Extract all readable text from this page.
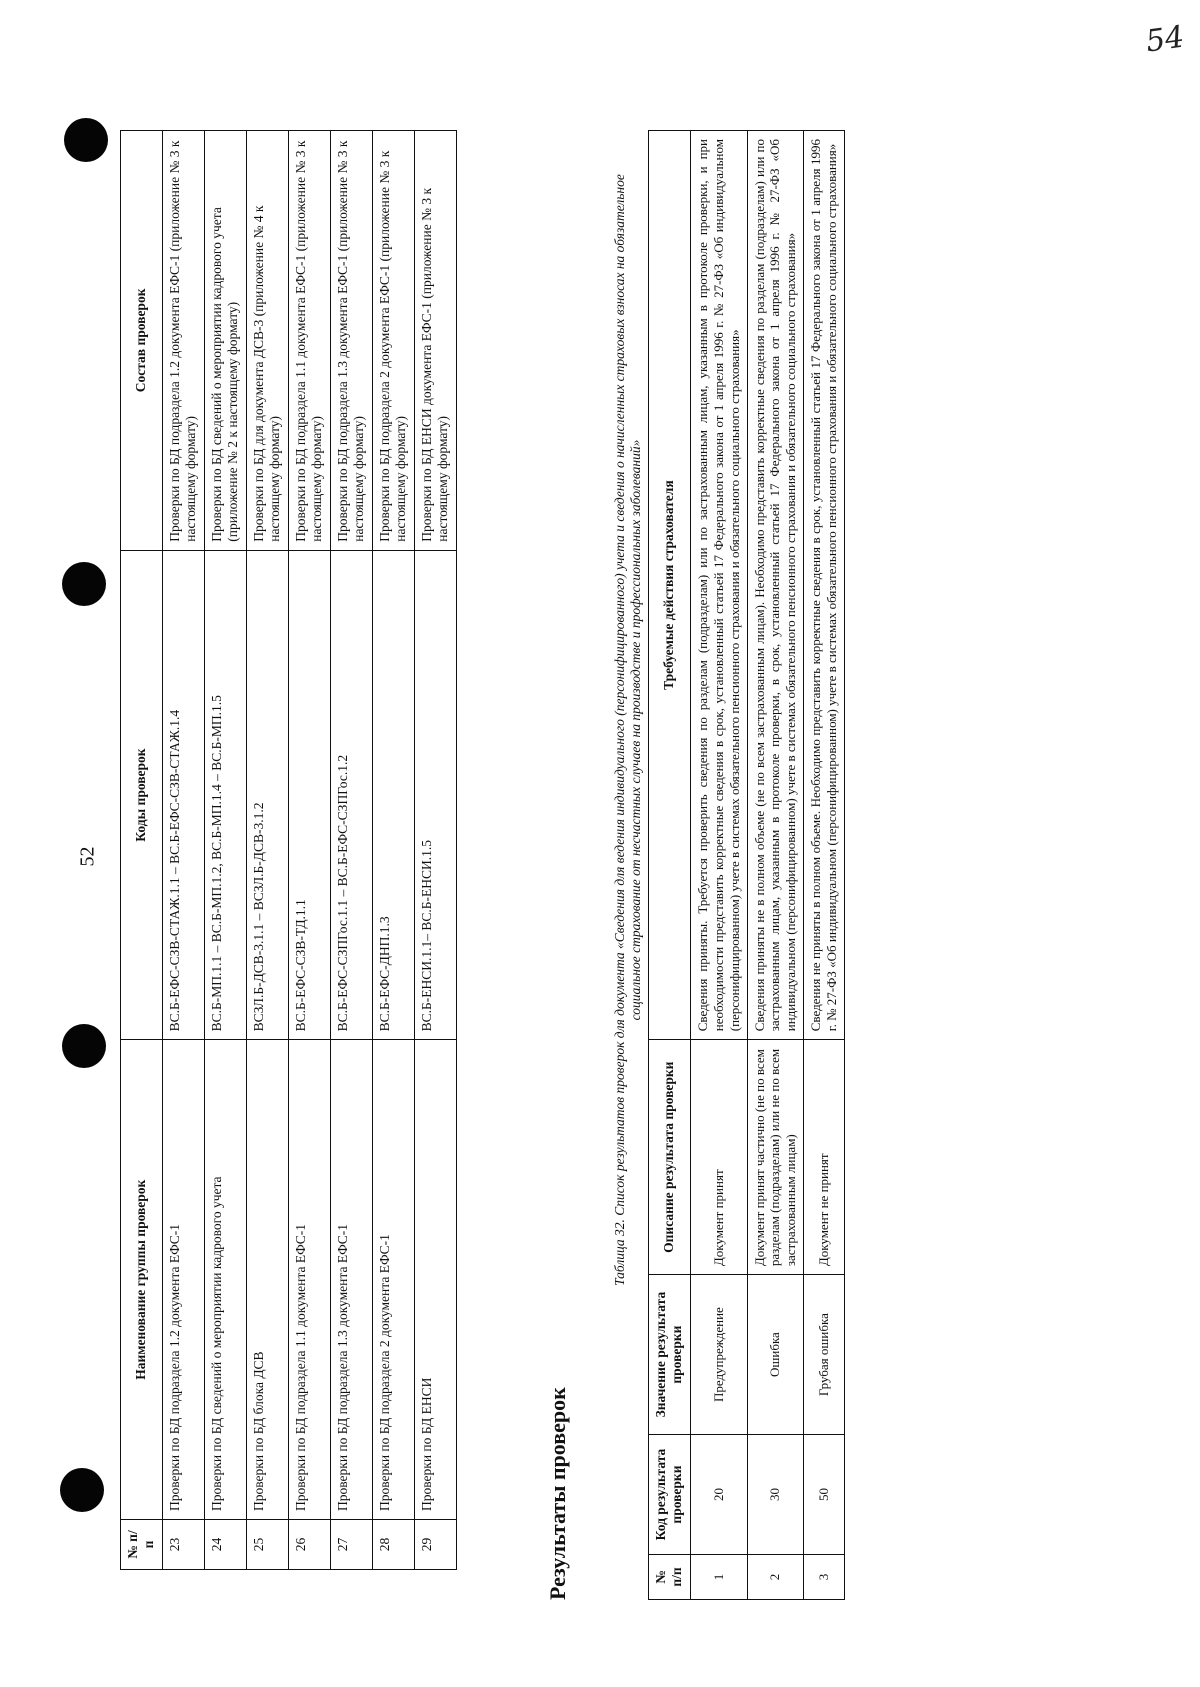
54
52
№ п/п	Наименование группы проверок	Коды проверок	Состав проверок
23	Проверки по БД подраздела 1.2 документа ЕФС-1	ВС.Б-ЕФС-СЗВ-СТАЖ.1.1 – ВС.Б-ЕФС-СЗВ-СТАЖ.1.4	Проверки по БД подраздела 1.2 документа ЕФС-1 (приложение № 3 к настоящему формату)
24	Проверки по БД сведений о мероприятии кадрового учета	ВС.Б-МП.1.1 – ВС.Б-МП.1.2, ВС.Б-МП.1.4 – ВС.Б-МП.1.5	Проверки по БД сведений о мероприятии кадрового учета (приложение № 2 к настоящему формату)
25	Проверки по БД блока ДСВ	ВСЗЛ.Б-ДСВ-3.1.1 – ВСЗЛ.Б-ДСВ-3.1.2	Проверки по БД для документа ДСВ-3 (приложение № 4 к настоящему формату)
26	Проверки по БД подраздела 1.1 документа ЕФС-1	ВС.Б-ЕФС-СЗВ-ТД.1.1	Проверки по БД подраздела 1.1 документа ЕФС-1 (приложение № 3 к настоящему формату)
27	Проверки по БД подраздела 1.3 документа ЕФС-1	ВС.Б-ЕФС-СЗПГос.1.1 – ВС.Б-ЕФС-СЗПГос.1.2	Проверки по БД подраздела 1.3 документа ЕФС-1 (приложение № 3 к настоящему формату)
28	Проверки по БД подраздела 2 документа ЕФС-1	ВС.Б-ЕФС-ДНП.1.3	Проверки по БД подраздела 2 документа ЕФС-1 (приложение № 3 к настоящему формату)
29	Проверки по БД ЕНСИ	ВС.Б-ЕНСИ.1.1– ВС.Б-ЕНСИ.1.5	Проверки по БД ЕНСИ документа ЕФС-1 (приложение № 3 к настоящему формату)
Результаты проверок
Таблица 32. Список результатов проверок для документа «Сведения для ведения индивидуального (персонифицированного) учета и сведения о начисленных страховых взносах на обязательное социальное страхование от несчастных случаев на производстве и профессиональных заболеваний»
№ п/п	Код результата проверки	Значение результата проверки	Описание результата проверки	Требуемые действия страхователя
1	20	Предупреждение	Документ принят	Сведения приняты. Требуется проверить сведения по разделам (подразделам) или по застрахованным лицам, указанным в протоколе проверки, и при необходимости представить корректные сведения в срок, установленный статьей 17 Федерального закона от 1 апреля 1996 г. № 27-ФЗ «Об индивидуальном (персонифицированном) учете в системах обязательного пенсионного страхования и обязательного социального страхования»
2	30	Ошибка	Документ принят частично (не по всем разделам (подразделам) или не по всем застрахованным лицам)	Сведения приняты не в полном объеме (не по всем застрахованным лицам). Необходимо представить корректные сведения по разделам (подразделам) или по застрахованным лицам, указанным в протоколе проверки, в срок, установленный статьей 17 Федерального закона от 1 апреля 1996 г. № 27-ФЗ «Об индивидуальном (персонифицированном) учете в системах обязательного пенсионного страхования и обязательного социального страхования»
3	50	Грубая ошибка	Документ не принят	Сведения не приняты в полном объеме. Необходимо представить корректные сведения в срок, установленный статьей 17 Федерального закона от 1 апреля 1996 г. № 27-ФЗ «Об индивидуальном (персонифицированном) учете в системах обязательного пенсионного страхования и обязательного социального страхования»
